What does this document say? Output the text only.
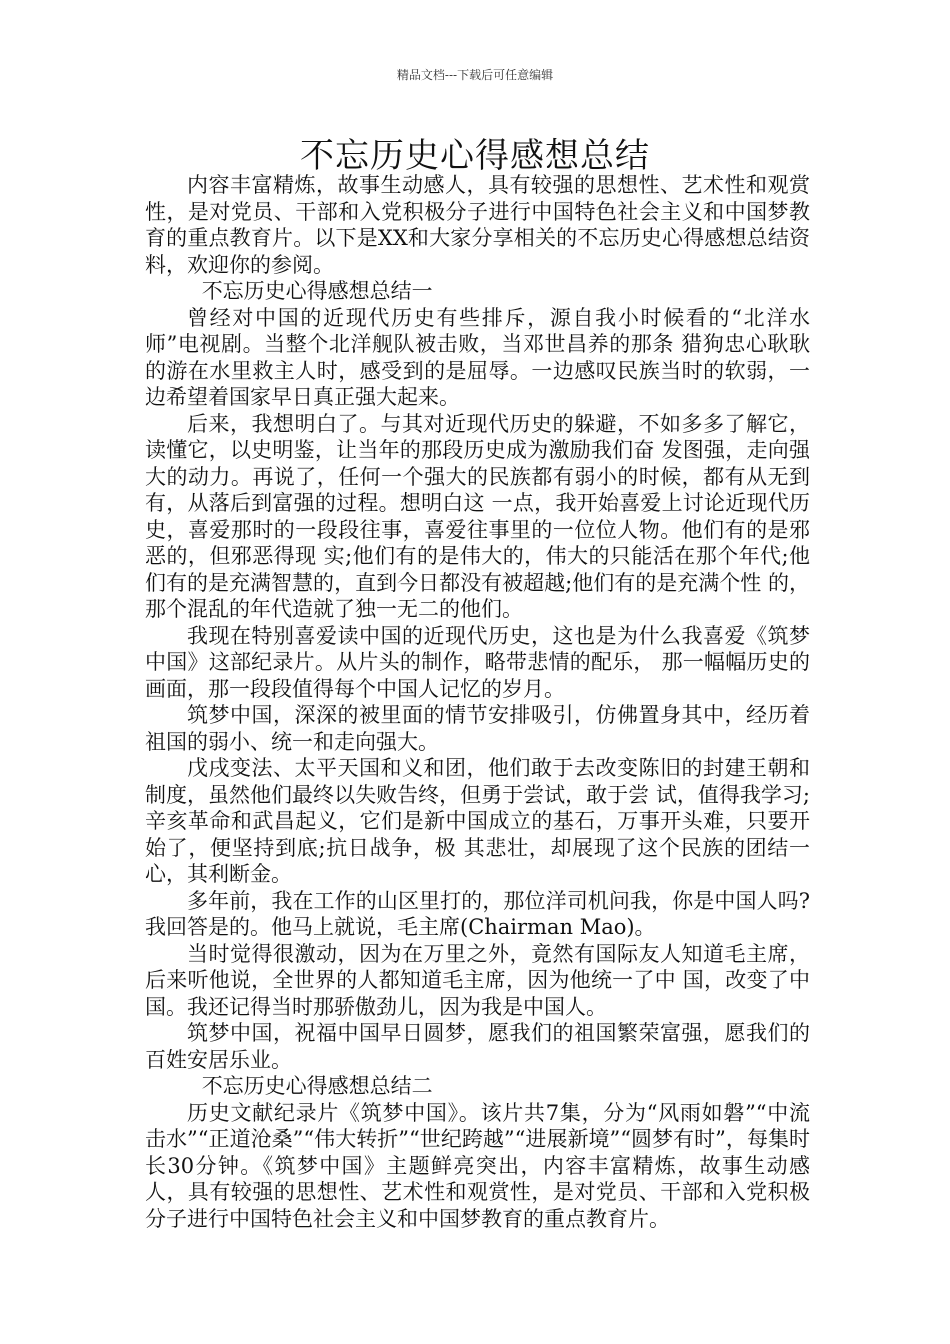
精品文档---下载后可任意编辑
不忘历史心得感想总结

内容丰富精炼，故事生动感人，具有较强的思想性、艺术性和观赏性，是对党员、干部和入党积极分子进行中国特色社会主义和中国梦教育的重点教育片。以下是XX和大家分享相关的不忘历史心得感想总结资料，欢迎你的参阅。

不忘历史心得感想总结一

曾经对中国的近现代历史有些排斥，源自我小时候看的“北洋水师”电视剧。当整个北洋舰队被击败，当邓世昌养的那条 猎狗忠心耿耿的游在水里救主人时，感受到的是屈辱。一边感叹民族当时的软弱，一边希望着国家早日真正强大起来。

后来，我想明白了。与其对近现代历史的躲避，不如多多了解它，读懂它，以史明鉴，让当年的那段历史成为激励我们奋 发图强，走向强大的动力。再说了，任何一个强大的民族都有弱小的时候，都有从无到有，从落后到富强的过程。想明白这 一点，我开始喜爱上讨论近现代历史，喜爱那时的一段段往事，喜爱往事里的一位位人物。他们有的是邪恶的，但邪恶得现 实;他们有的是伟大的，伟大的只能活在那个年代;他们有的是充满智慧的，直到今日都没有被超越;他们有的是充满个性 的，那个混乱的年代造就了独一无二的他们。

我现在特别喜爱读中国的近现代历史，这也是为什么我喜爱《筑梦中国》这部纪录片。从片头的制作，略带悲情的配乐， 那一幅幅历史的画面，那一段段值得每个中国人记忆的岁月。

筑梦中国，深深的被里面的情节安排吸引，仿佛置身其中，经历着祖国的弱小、统一和走向强大。

戊戌变法、太平天国和义和团，他们敢于去改变陈旧的封建王朝和制度，虽然他们最终以失败告终，但勇于尝试，敢于尝 试，值得我学习;辛亥革命和武昌起义，它们是新中国成立的基石，万事开头难，只要开始了，便坚持到底;抗日战争，极 其悲壮，却展现了这个民族的团结一心，其利断金。

多年前，我在工作的山区里打的，那位洋司机问我，你是中国人吗?我回答是的。他马上就说，毛主席(Chairman Mao)。

当时觉得很激动，因为在万里之外，竟然有国际友人知道毛主席，后来听他说，全世界的人都知道毛主席，因为他统一了中 国，改变了中国。我还记得当时那骄傲劲儿，因为我是中国人。

筑梦中国，祝福中国早日圆梦，愿我们的祖国繁荣富强，愿我们的百姓安居乐业。

不忘历史心得感想总结二

历史文献纪录片《筑梦中国》。该片共7集，分为“风雨如磐”“中流击水”“正道沧桑”“伟大转折”“世纪跨越”“进展新境”“圆梦有时”，每集时长30分钟。《筑梦中国》主题鲜亮突出，内容丰富精炼，故事生动感人，具有较强的思想性、艺术性和观赏性，是对党员、干部和入党积极分子进行中国特色社会主义和中国梦教育的重点教育片。
